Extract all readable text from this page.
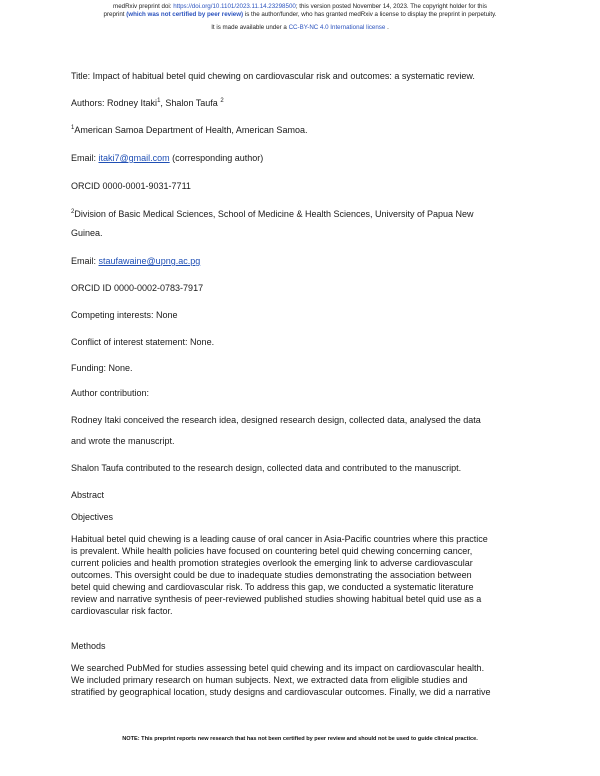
medRxiv preprint doi: https://doi.org/10.1101/2023.11.14.23298500; this version posted November 14, 2023. The copyright holder for this
preprint (which was not certified by peer review) is the author/funder, who has granted medRxiv a license to display the preprint in perpetuity.
It is made available under a CC-BY-NC 4.0 International license .
Title: Impact of habitual betel quid chewing on cardiovascular risk and outcomes: a systematic review.
Authors: Rodney Itaki$^1$, Shalon Taufa $^2$
$^1$American Samoa Department of Health, American Samoa.
Email: itaki7@gmail.com (corresponding author)
ORCID 0000-0001-9031-7711
$^2$Division of Basic Medical Sciences, School of Medicine & Health Sciences, University of Papua New
Guinea.
Email: staufawaine@upng.ac.pg
ORCID ID 0000-0002-0783-7917
Competing interests: None
Conflict of interest statement: None.
Funding: None.
Author contribution:
Rodney Itaki conceived the research idea, designed research design, collected data, analysed the data
and wrote the manuscript.
Shalon Taufa contributed to the research design, collected data and contributed to the manuscript.
Abstract
Objectives
Habitual betel quid chewing is a leading cause of oral cancer in Asia-Pacific countries where this practice
is prevalent. While health policies have focused on countering betel quid chewing concerning cancer,
current policies and health promotion strategies overlook the emerging link to adverse cardiovascular
outcomes. This oversight could be due to inadequate studies demonstrating the association between
betel quid chewing and cardiovascular risk. To address this gap, we conducted a systematic literature
review and narrative synthesis of peer-reviewed published studies showing habitual betel quid use as a
cardiovascular risk factor.
Methods
We searched PubMed for studies assessing betel quid chewing and its impact on cardiovascular health.
We included primary research on human subjects. Next, we extracted data from eligible studies and
stratified by geographical location, study designs and cardiovascular outcomes. Finally, we did a narrative
NOTE: This preprint reports new research that has not been certified by peer review and should not be used to guide clinical practice.
